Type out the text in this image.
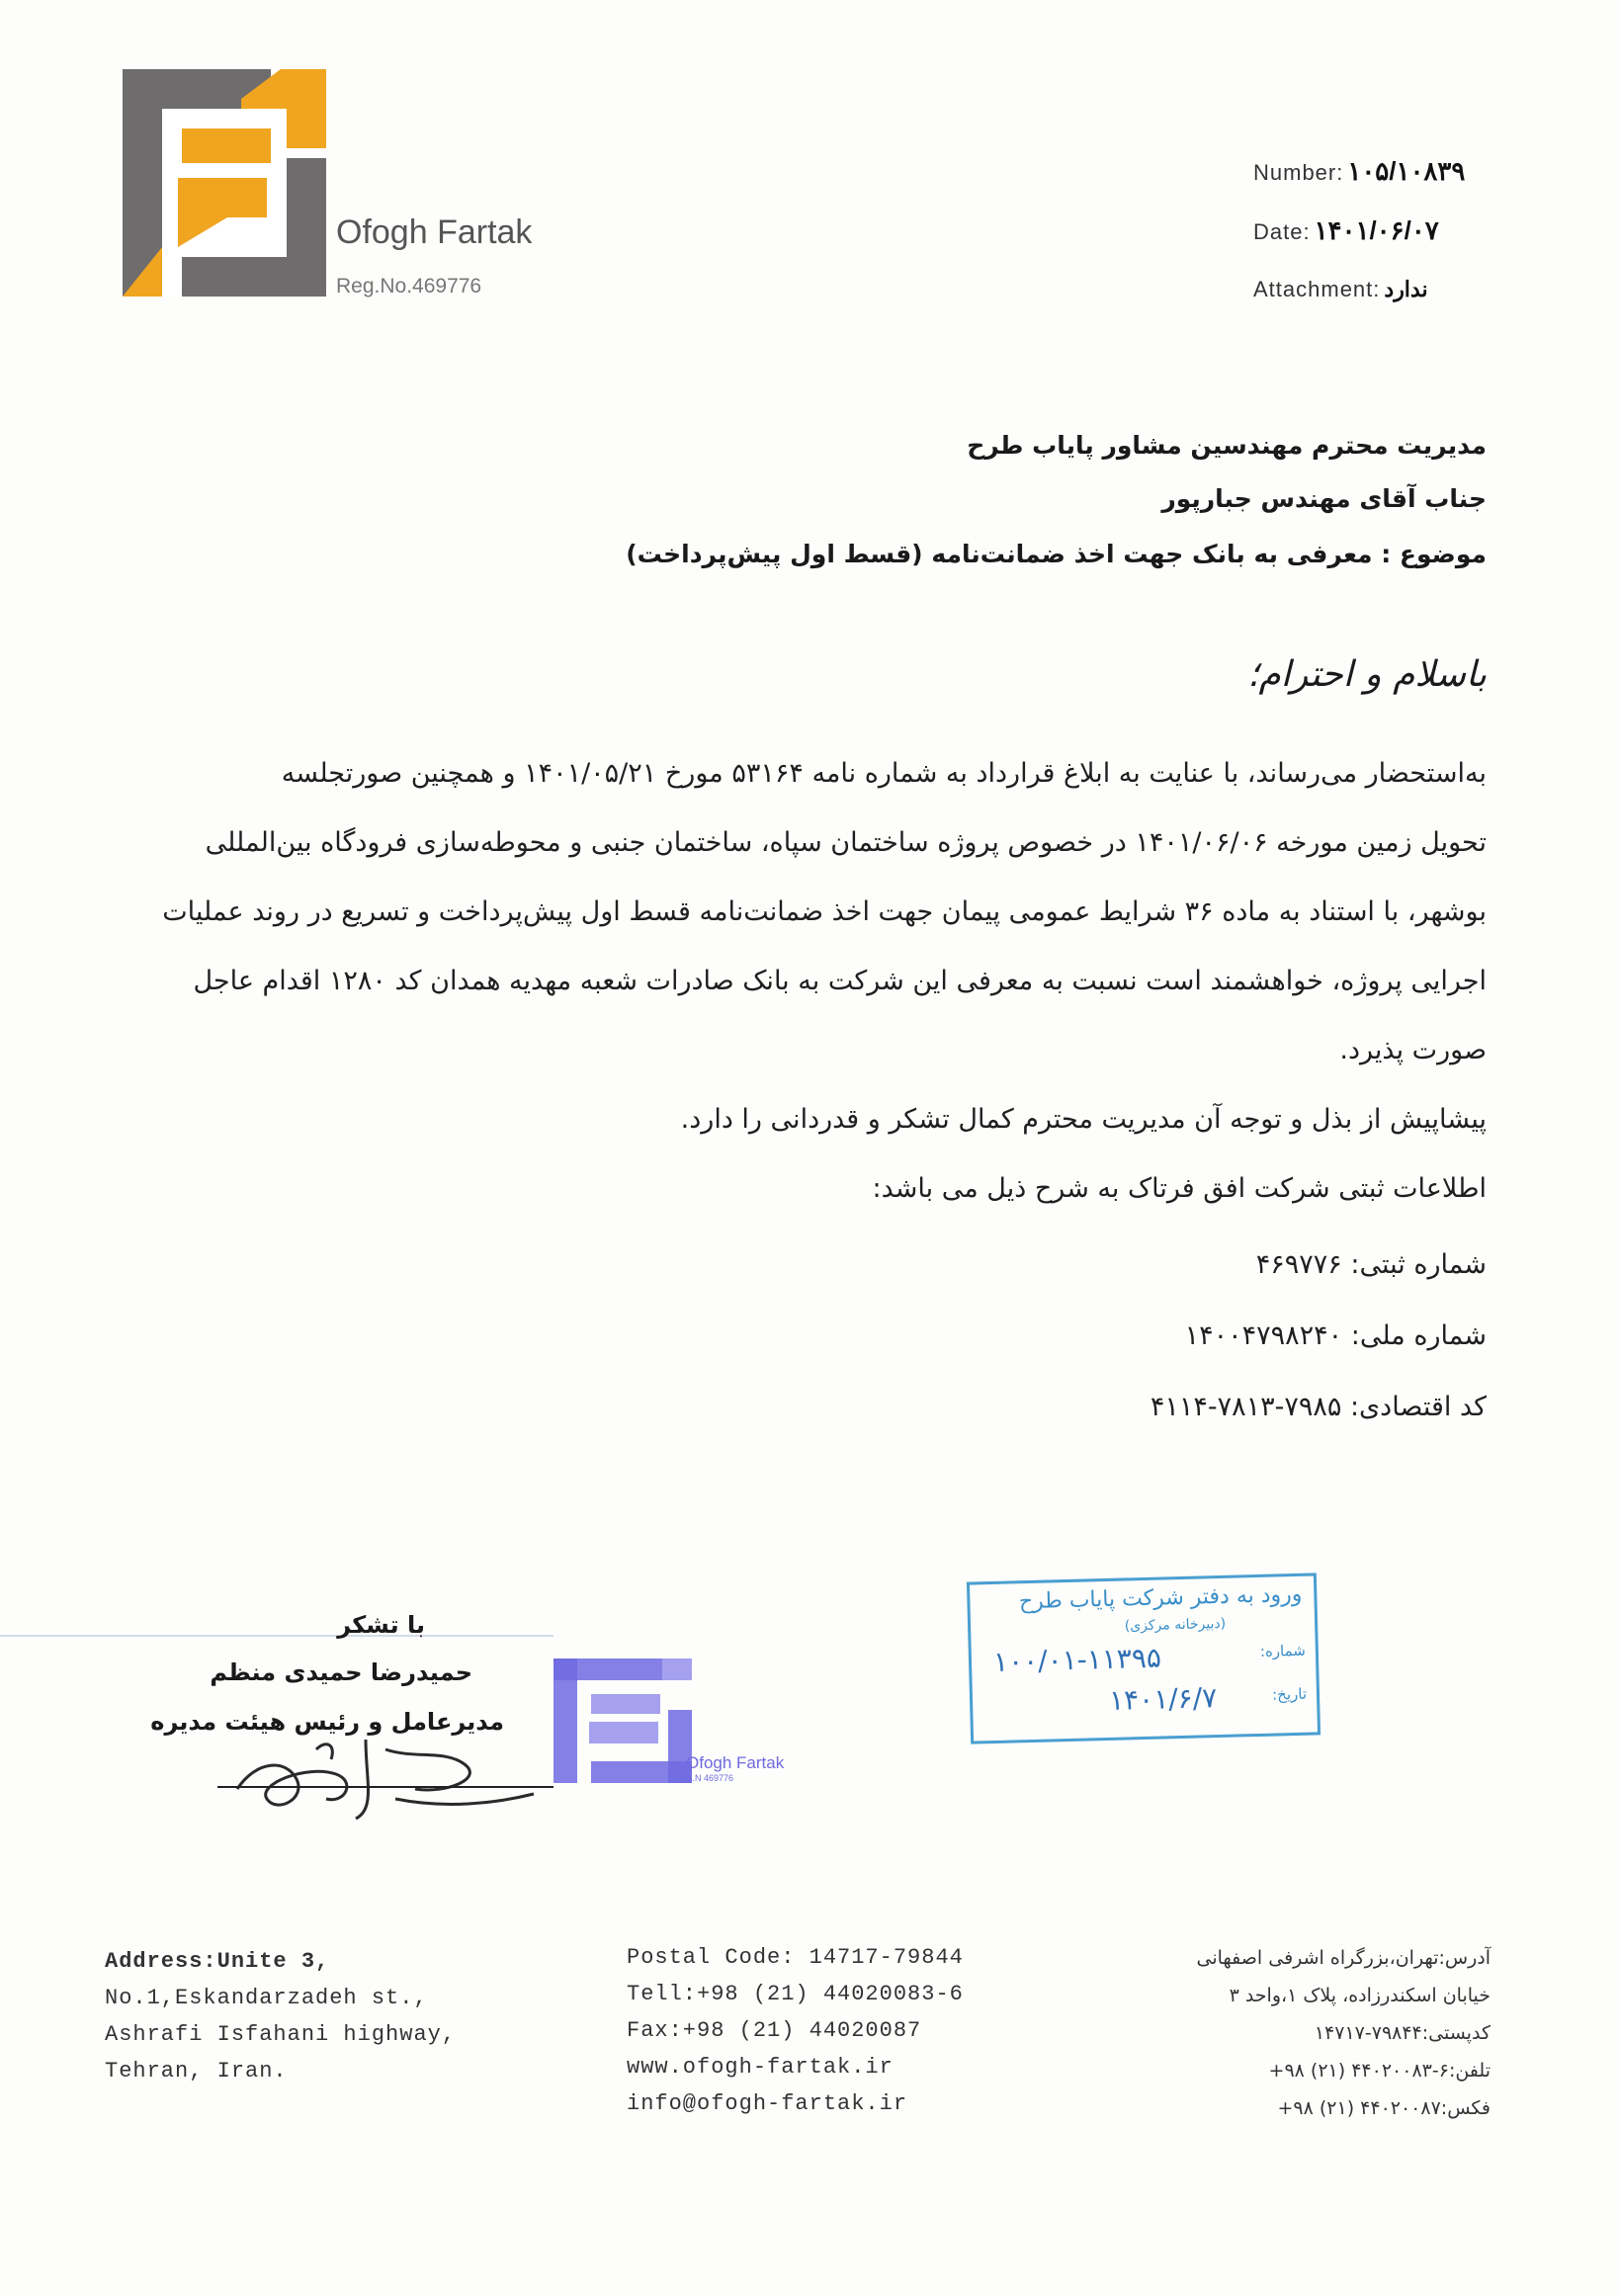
Ofogh Fartak
Reg.No.469776
Number: ۱۰۵/۱۰۸۳۹
Date: ۱۴۰۱/۰۶/۰۷
Attachment: ندارد
مدیریت محترم مهندسین مشاور پایاب طرح
جناب آقای مهندس جبارپور
موضوع : معرفی به بانک جهت اخذ ضمانت‌نامه (قسط اول پیش‌پرداخت)
باسلام و احترام؛
به‌استحضار می‌رساند، با عنایت به ابلاغ قرارداد به شماره نامه ۵۳۱۶۴ مورخ ۱۴۰۱/۰۵/۲۱ و همچنین صورتجلسه
تحویل زمین مورخه ۱۴۰۱/۰۶/۰۶ در خصوص پروژه ساختمان سپاه، ساختمان جنبی و محوطه‌سازی فرودگاه بین‌المللی
بوشهر، با استناد به ماده ۳۶ شرایط عمومی پیمان جهت اخذ ضمانت‌نامه قسط اول پیش‌پرداخت و تسریع در روند عملیات
اجرایی پروژه، خواهشمند است نسبت به معرفی این شرکت به بانک صادرات شعبه مهدیه همدان کد ۱۲۸۰ اقدام عاجل
صورت پذیرد.
پیشاپیش از بذل و توجه آن مدیریت محترم کمال تشکر و قدردانی را دارد.
اطلاعات ثبتی شرکت افق فرتاک به شرح ذیل می باشد:
شماره ثبتی: ۴۶۹۷۷۶
شماره ملی: ۱۴۰۰۴۷۹۸۲۴۰
کد اقتصادی: ۴۱۱۴-۷۸۱۳-۷۹۸۵
با تشکر
حمیدرضا حمیدی منظم
مدیرعامل و رئیس هیئت مدیره
Ofogh Fartak
R.N 469776
ورود به دفتر شرکت پایاب طرح
(دبیرخانه مرکزی)
شماره:
۱۰۰/۰۱-۱۱۳۹۵
تاریخ:
۱۴۰۱/۶/۷
Address:Unite 3,
No.1,Eskandarzadeh st.,
Ashrafi Isfahani highway,
Tehran, Iran.
Postal Code: 14717-79844
Tell:+98 (21) 44020083-6
Fax:+98 (21) 44020087
www.ofogh-fartak.ir
info@ofogh-fartak.ir
آدرس:تهران،بزرگراه اشرفی اصفهانی
خیابان اسکندرزاده، پلاک ۱،واحد ۳
کدپستی:۷۹۸۴۴-۱۴۷۱۷
تلفن:۶-۴۴۰۲۰۰۸۳ (۲۱) ۹۸+
فکس:۴۴۰۲۰۰۸۷ (۲۱) ۹۸+
